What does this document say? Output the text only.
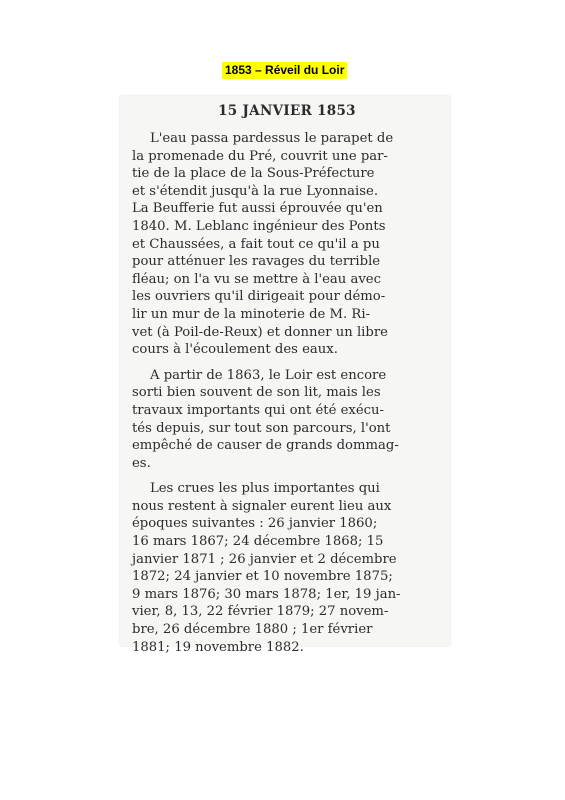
1853 – Réveil du Loir
15 JANVIER 1853
L'eau passa pardessus le parapet de
la promenade du Pré, couvrit une par-
tie de la place de la Sous-Préfecture
et s'étendit jusqu'à la rue Lyonnaise.
La Beufferie fut aussi éprouvée qu'en
1840. M. Leblanc ingénieur des Ponts
et Chaussées, a fait tout ce qu'il a pu
pour atténuer les ravages du terrible
fléau; on l'a vu se mettre à l'eau avec
les ouvriers qu'il dirigeait pour démo-
lir un mur de la minoterie de M. Ri-
vet (à Poil-de-Reux) et donner un libre
cours à l'écoulement des eaux.
A partir de 1863, le Loir est encore
sorti bien souvent de son lit, mais les
travaux importants qui ont été exécu-
tés depuis, sur tout son parcours, l'ont
empêché de causer de grands dommag-
es.
Les crues les plus importantes qui
nous restent à signaler eurent lieu aux
époques suivantes : 26 janvier 1860;
16 mars 1867; 24 décembre 1868; 15
janvier 1871 ; 26 janvier et 2 décembre
1872; 24 janvier et 10 novembre 1875;
9 mars 1876; 30 mars 1878; 1er, 19 jan-
vier, 8, 13, 22 février 1879; 27 novem-
bre, 26 décembre 1880 ; 1er février
1881; 19 novembre 1882.
